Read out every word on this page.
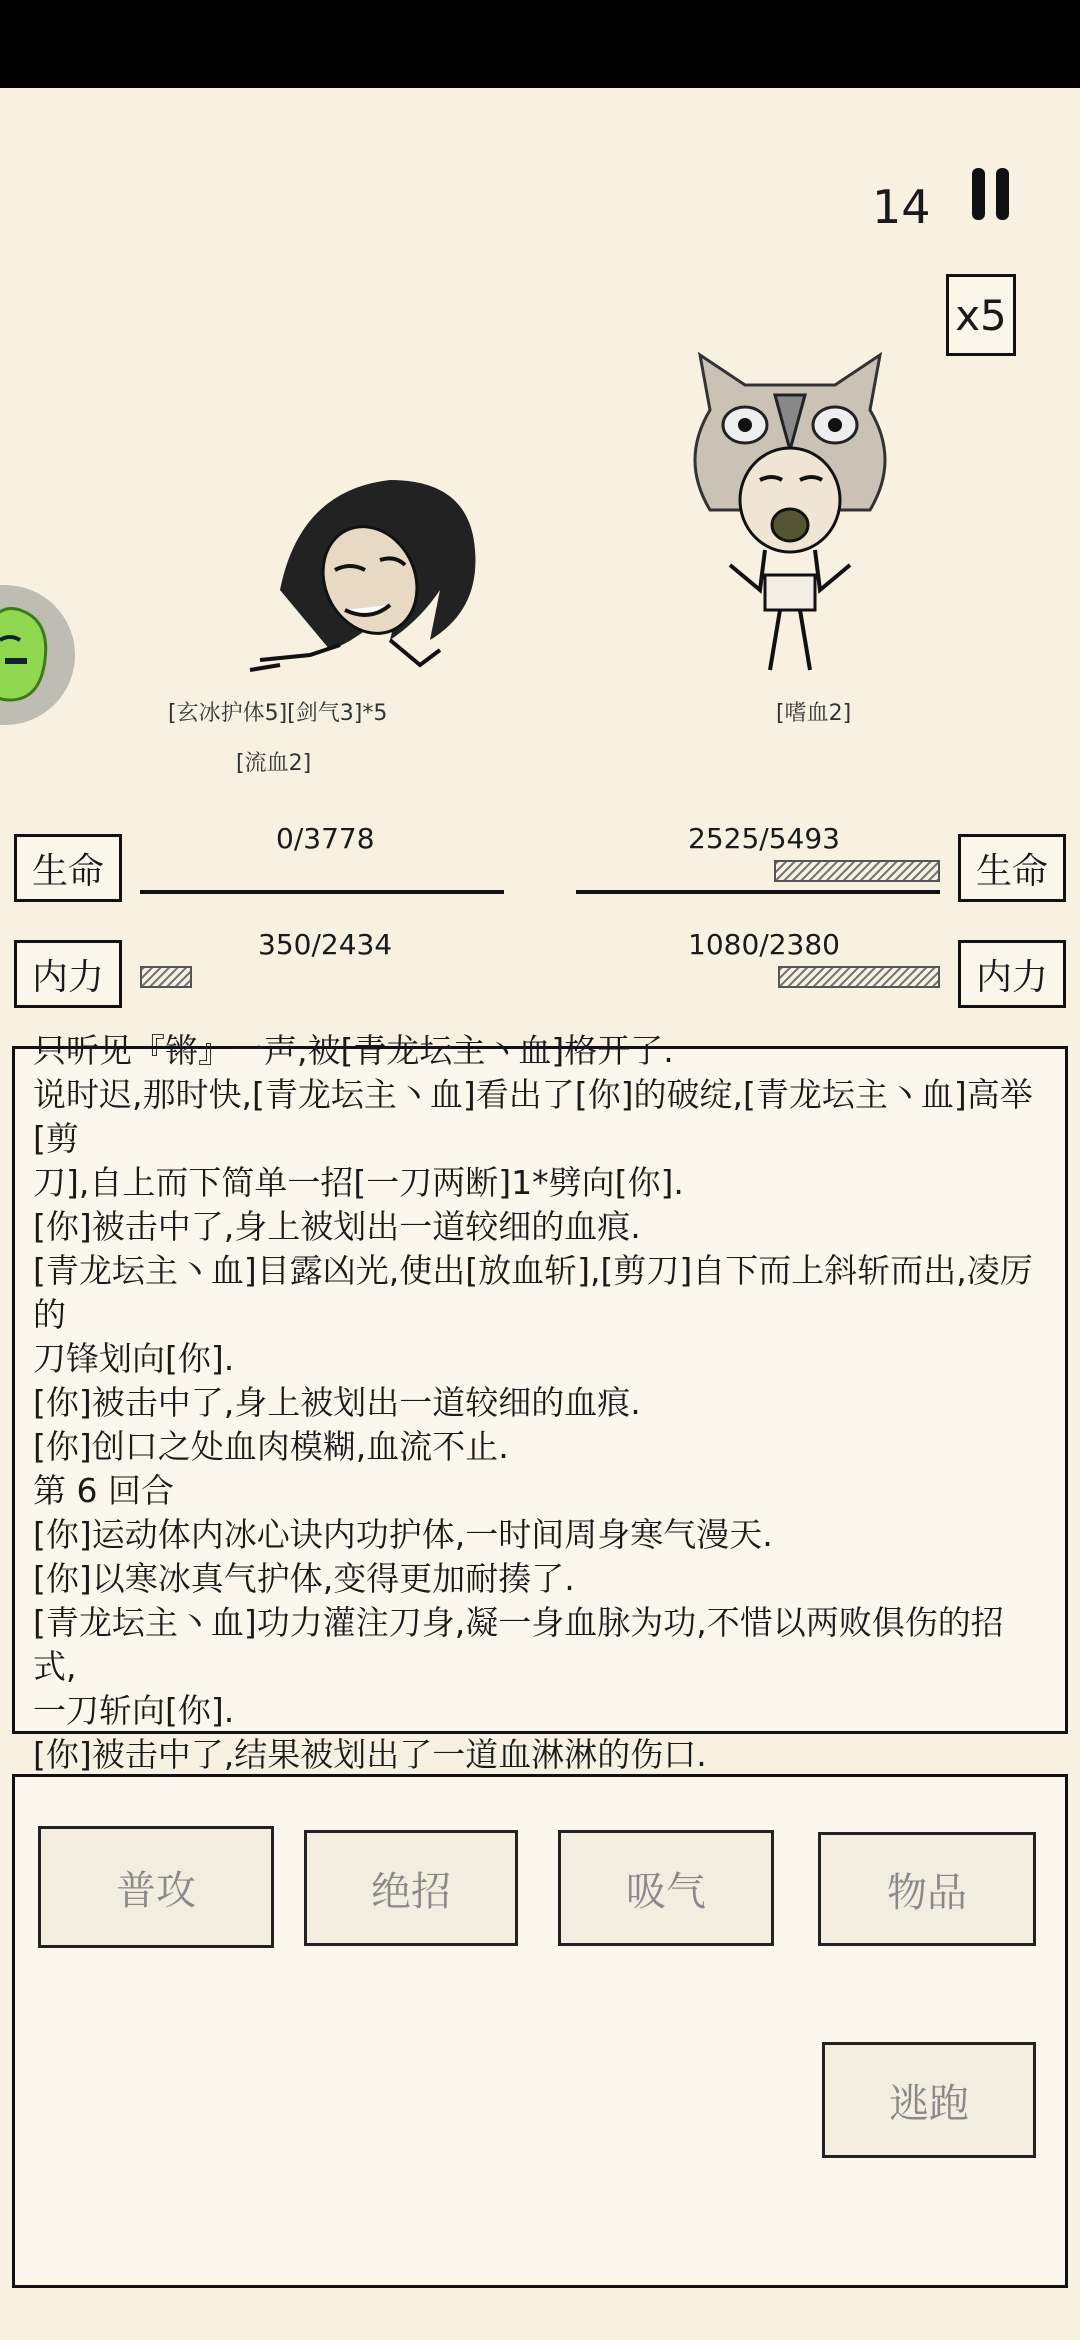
14
x5
[玄冰护体5][剑气3]*5
[流血2]
[嗜血2]
生命
0/3778
内力
350/2434
生命
2525/5493
内力
1080/2380
只听见『锵』一声,被[青龙坛主丶血]格开了.
说时迟,那时快,[青龙坛主丶血]看出了[你]的破绽,[青龙坛主丶血]高举[剪
刀],自上而下简单一招[一刀两断]1*劈向[你].
[你]被击中了,身上被划出一道较细的血痕.
[青龙坛主丶血]目露凶光,使出[放血斩],[剪刀]自下而上斜斩而出,凌厉的
刀锋划向[你].
[你]被击中了,身上被划出一道较细的血痕.
[你]创口之处血肉模糊,血流不止.
第 6 回合
[你]运动体内冰心诀内功护体,一时间周身寒气漫天.
[你]以寒冰真气护体,变得更加耐揍了.
[青龙坛主丶血]功力灌注刀身,凝一身血脉为功,不惜以两败俱伤的招式,
一刀斩向[你].
[你]被击中了,结果被划出了一道血淋淋的伤口.
普攻	绝招	吸气	物品
逃跑
